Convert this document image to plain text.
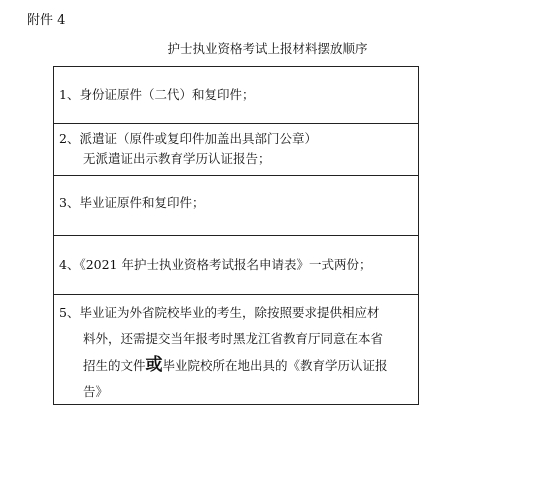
附件 4
护士执业资格考试上报材料摆放顺序
1、身份证原件（二代）和复印件；
2、派遣证（原件或复印件加盖出具部门公章）
无派遣证出示教育学历认证报告；
3、毕业证原件和复印件；
4、《2021 年护士执业资格考试报名申请表》一式两份；
5、毕业证为外省院校毕业的考生，除按照要求提供相应材
料外，还需提交当年报考时黑龙江省教育厅同意在本省
招生的文件或毕业院校所在地出具的《教育学历认证报
告》
